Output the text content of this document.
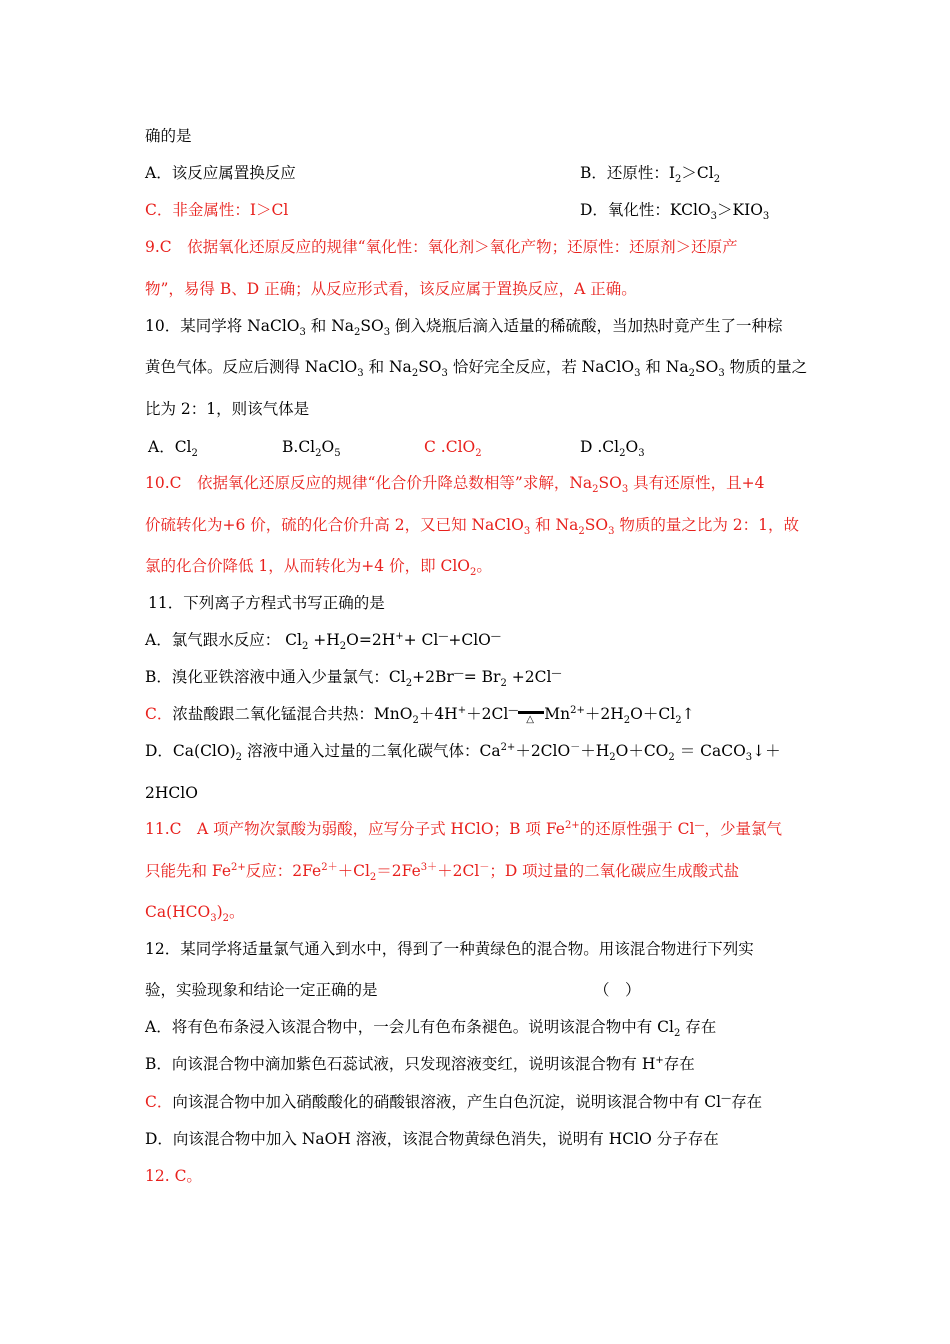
确的是
A．该反应属置换反应	B．还原性：$I_2>Cl_2$
C．非金属性：I＞Cl	D．氧化性：$KClO_3>KIO_3$
9.C　依据氧化还原反应的规律“氧化性：氧化剂＞氧化产物；还原性：还原剂＞还原产
物”，易得 B、D 正确；从反应形式看，该反应属于置换反应，A 正确。
10．某同学将 NaClO$_3$ 和 $Na_2SO_3$ 倒入烧瓶后滴入适量的稀硫酸，当加热时竟产生了一种棕
黄色气体。反应后测得 NaClO$_3$ 和 $Na_2SO_3$ 恰好完全反应，若 NaClO$_3$ 和 $Na_2SO_3$ 物质的量之
比为 2：1，则该气体是
A．$Cl_2$	$B.Cl_2O_5$	C .ClO$_2$	D $.Cl_2O_3$
10.C　依据氧化还原反应的规律“化合价升降总数相等”求解，$Na_2SO_3$ 具有还原性，且+4
价硫转化为+6 价，硫的化合价升高 2，又已知 NaClO$_3$ 和 $Na_2SO_3$ 物质的量之比为 2：1，故
氯的化合价降低 1，从而转化为+4 价，即 ClO$_2$。
11．下列离子方程式书写正确的是
A．氯气跟水反应： $Cl_2 +H_2O=2H^++ Cl^—+ClO^—$
B．溴化亚铁溶液中通入少量氯气：$Cl_2+2Br^—= Br_2 +2Cl^—$
C．浓盐酸跟二氧化锰混合共热：MnO$_2$＋4H+＋2Cl—
△ $Mn^{2+}+2H_2O+Cl_2↑$
D．$Ca(ClO)_2$ 溶液中通入过量的二氧化碳气体：$Ca^{2+}+2ClO^-+H_2O+CO_2$ ＝ CaCO$_3$↓＋
2HClO
11.C　A 项产物次氯酸为弱酸，应写分子式 HClO；B 项 $Fe^{2+}$的还原性强于 Cl—，少量氯气
只能先和 $Fe^{2+}$反应：$2Fe^{2+}+Cl_2=2Fe^{3+}+2Cl^-$；D 项过量的二氧化碳应生成酸式盐
$Ca(HCO_3)_2$。
12．某同学将适量氯气通入到水中，得到了一种黄绿色的混合物。用该混合物进行下列实
验，实验现象和结论一定正确的是	（　）
A．将有色布条浸入该混合物中，一会儿有色布条褪色。说明该混合物中有 $Cl_2$ 存在
B．向该混合物中滴加紫色石蕊试液，只发现溶液变红，说明该混合物有 H+存在
C．向该混合物中加入硝酸酸化的硝酸银溶液，产生白色沉淀，说明该混合物中有 Cl—存在
D．向该混合物中加入 NaOH 溶液，该混合物黄绿色消失，说明有 HClO 分子存在
12. C。
